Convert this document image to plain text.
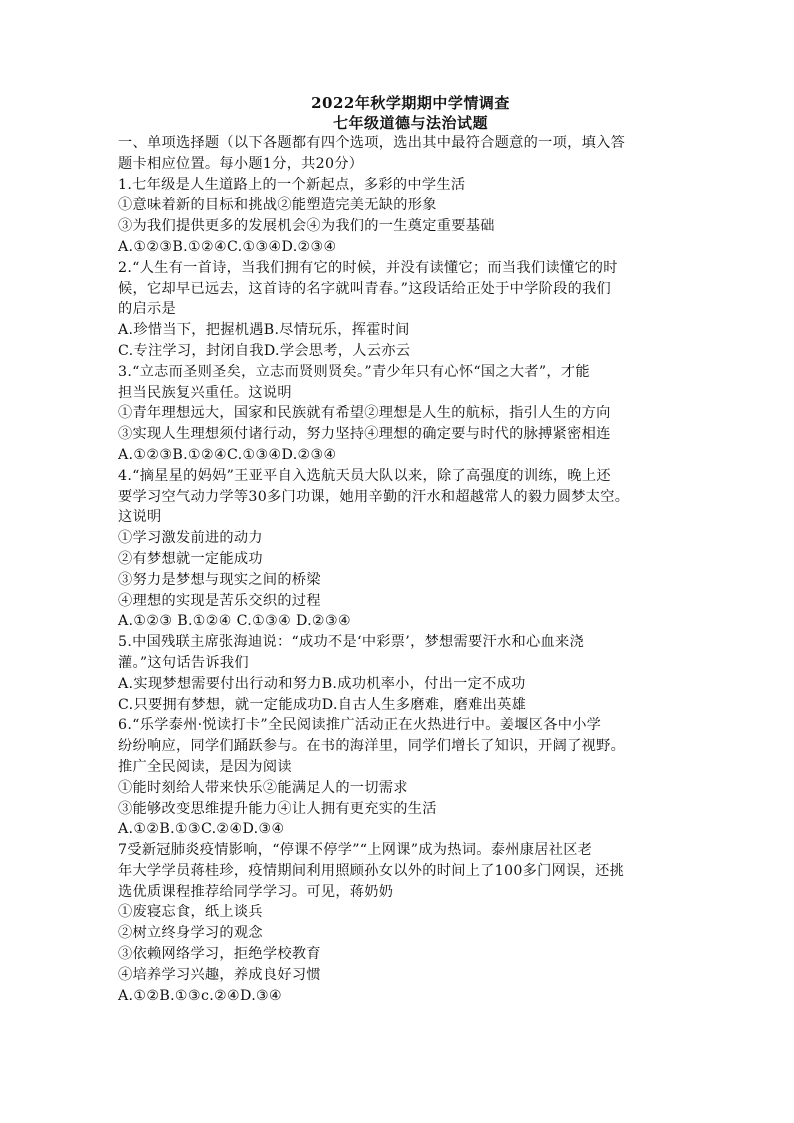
2022年秋学期期中学情调查
七年级道德与法治试题
一、单项选择题（以下各题都有四个选项，选出其中最符合题意的一项，填入答
题卡相应位置。每小题1分，共20分）
1.七年级是人生道路上的一个新起点，多彩的中学生活
①意味着新的目标和挑战②能塑造完美无缺的形象
③为我们提供更多的发展机会④为我们的一生奠定重要基础
A.①②③B.①②④C.①③④D.②③④
2.“人生有一首诗，当我们拥有它的时候，并没有读懂它；而当我们读懂它的时
候，它却早已远去，这首诗的名字就叫青春。”这段话给正处于中学阶段的我们
的启示是
A.珍惜当下，把握机遇B.尽情玩乐，挥霍时间
C.专注学习，封闭自我D.学会思考，人云亦云
3.“立志而圣则圣矣，立志而贤则贤矣。”青少年只有心怀“国之大者”，才能
担当民族复兴重任。这说明
①青年理想远大，国家和民族就有希望②理想是人生的航标，指引人生的方向
③实现人生理想须付诸行动，努力坚持④理想的确定要与时代的脉搏紧密相连
A.①②③B.①②④C.①③④D.②③④
4.“摘星星的妈妈”王亚平自入选航天员大队以来，除了高强度的训练，晚上还
要学习空气动力学等30多门功课，她用辛勤的汗水和超越常人的毅力圆梦太空。
这说明
①学习激发前进的动力
②有梦想就一定能成功
③努力是梦想与现实之间的桥梁
④理想的实现是苦乐交织的过程
A.①②③ B.①②④ C.①③④ D.②③④
5.中国残联主席张海迪说：“成功不是‘中彩票’，梦想需要汗水和心血来浇
灌。”这句话告诉我们
A.实现梦想需要付出行动和努力B.成功机率小，付出一定不成功
C.只要拥有梦想，就一定能成功D.自古人生多磨难，磨难出英雄
6.“乐学泰州·悦读打卡”全民阅读推广活动正在火热进行中。姜堰区各中小学
纷纷响应，同学们踊跃参与。在书的海洋里，同学们增长了知识，开阔了视野。
推广全民阅读，是因为阅读
①能时刻给人带来快乐②能满足人的一切需求
③能够改变思维提升能力④让人拥有更充实的生活
A.①②B.①③C.②④D.③④
7受新冠肺炎疫情影响，“停课不停学”“上网课”成为热词。泰州康居社区老
年大学学员蒋桂珍，疫情期间利用照顾孙女以外的时间上了100多门网误，还挑
选优质课程推荐给同学学习。可见，蒋奶奶
①废寝忘食，纸上谈兵
②树立终身学习的观念
③依赖网络学习，拒绝学校教育
④培养学习兴趣，养成良好习惯
A.①②B.①③c.②④D.③④
